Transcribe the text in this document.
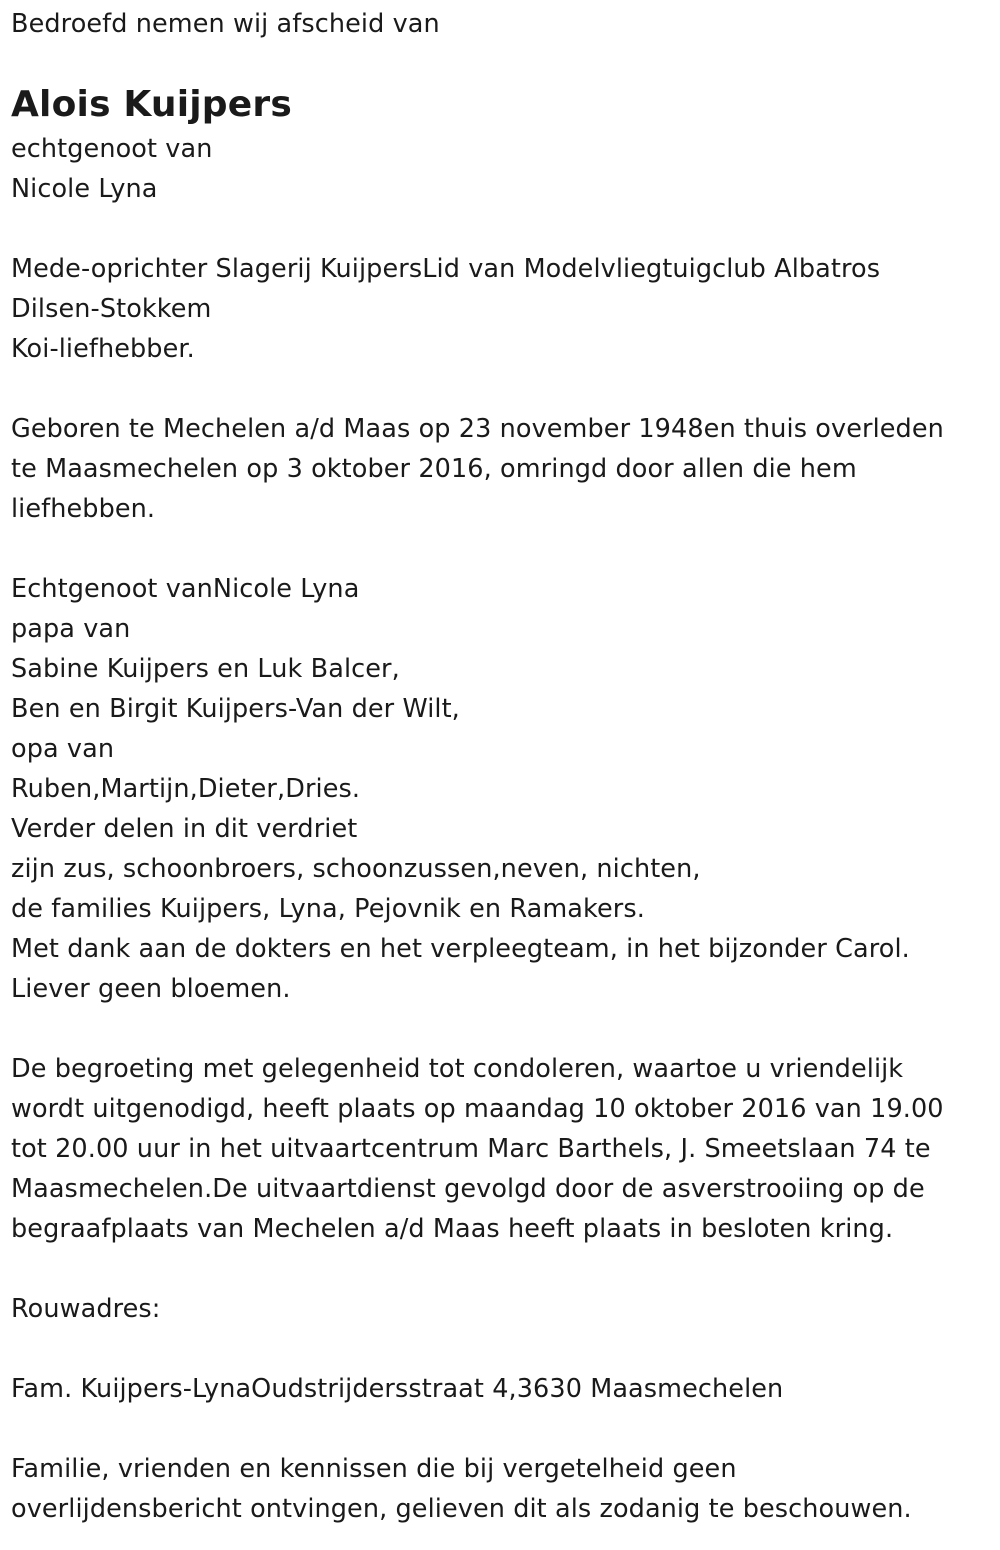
Bedroefd nemen wij afscheid van
Alois Kuijpers
echtgenoot van
Nicole Lyna
Mede-oprichter Slagerij KuijpersLid van Modelvliegtuigclub Albatros
Dilsen-Stokkem
Koi-liefhebber.
Geboren te Mechelen a/d Maas op 23 november 1948en thuis overleden
te Maasmechelen op 3 oktober 2016, omringd door allen die hem
liefhebben.
Echtgenoot vanNicole Lyna
papa van
Sabine Kuijpers en Luk Balcer,
Ben en Birgit Kuijpers-Van der Wilt,
opa van
Ruben,Martijn,Dieter,Dries.
Verder delen in dit verdriet
zijn zus, schoonbroers, schoonzussen,neven, nichten,
de families Kuijpers, Lyna, Pejovnik en Ramakers.
Met dank aan de dokters en het verpleegteam, in het bijzonder Carol.
Liever geen bloemen.
De begroeting met gelegenheid tot condoleren, waartoe u vriendelijk
wordt uitgenodigd, heeft plaats op maandag 10 oktober 2016 van 19.00
tot 20.00 uur in het uitvaartcentrum Marc Barthels, J. Smeetslaan 74 te
Maasmechelen.De uitvaartdienst gevolgd door de asverstrooiing op de
begraafplaats van Mechelen a/d Maas heeft plaats in besloten kring.
Rouwadres:
Fam. Kuijpers-LynaOudstrijdersstraat 4,3630 Maasmechelen
Familie, vrienden en kennissen die bij vergetelheid geen
overlijdensbericht ontvingen, gelieven dit als zodanig te beschouwen.
